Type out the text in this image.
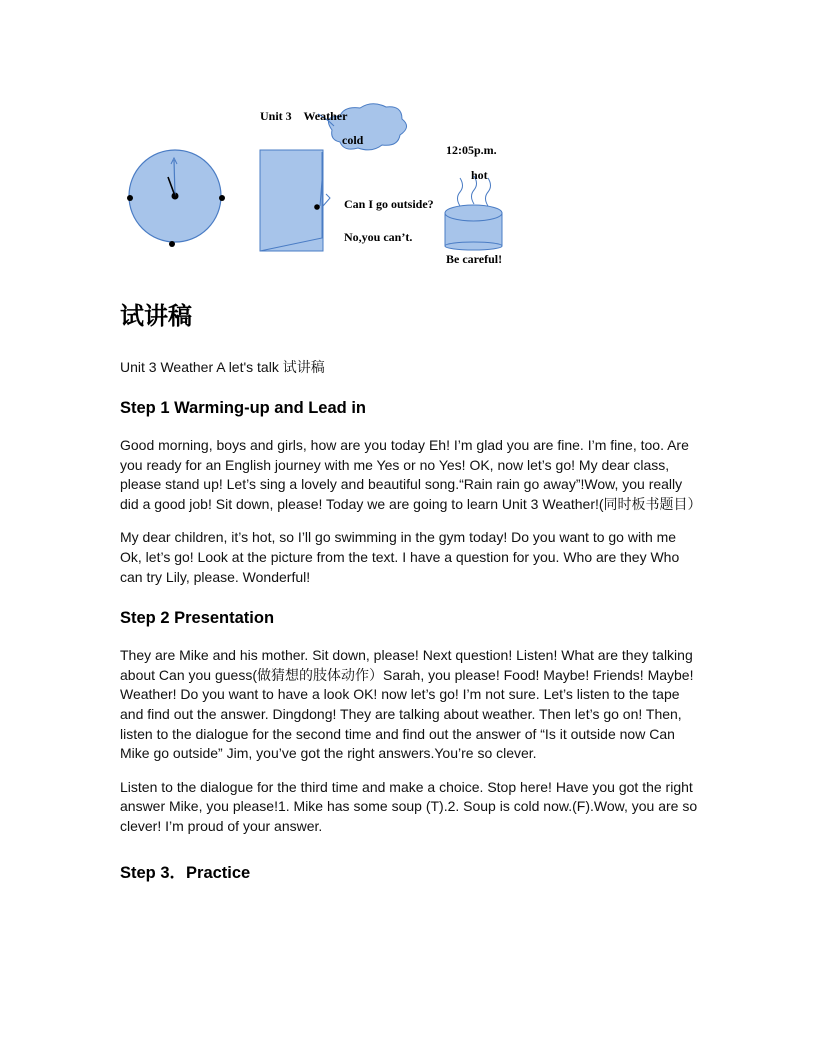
cold
Unit 3    Weather
12:05p.m.
hot
Can I go outside?
No,you can’t.
Be careful!
试讲稿

Unit 3 Weather A let's talk 试讲稿

Step 1 Warming-up and Lead in

Good morning, boys and girls, how are you today Eh! I’m glad you are fine. I’m fine, too. Are you ready for an English journey with me Yes or no Yes! OK, now let’s go! My dear class, please stand up! Let’s sing a lovely and beautiful song.“Rain rain go away”!Wow, you really did a good job! Sit down, please! Today we are going to learn Unit 3 Weather!(同时板书题目）

My dear children, it’s hot, so I’ll go swimming in the gym today! Do you want to go with me Ok, let’s go! Look at the picture from the text. I have a question for you. Who are they Who can try Lily, please. Wonderful!

Step 2 Presentation

They are Mike and his mother. Sit down, please! Next question! Listen! What are they talking about Can you guess(做猜想的肢体动作）Sarah, you please! Food! Maybe! Friends! Maybe! Weather! Do you want to have a look OK! now let’s go! I’m not sure. Let’s listen to the tape and find out the answer. Dingdong! They are talking about weather. Then let’s go on! Then, listen to the dialogue for the second time and find out the answer of “Is it outside now Can Mike go outside” Jim, you’ve got the right answers.You’re so clever.

Listen to the dialogue for the third time and make a choice. Stop here! Have you got the right answer Mike, you please!1. Mike has some soup (T).2. Soup is cold now.(F).Wow, you are so clever! I’m proud of your answer.

Step 3．Practice
